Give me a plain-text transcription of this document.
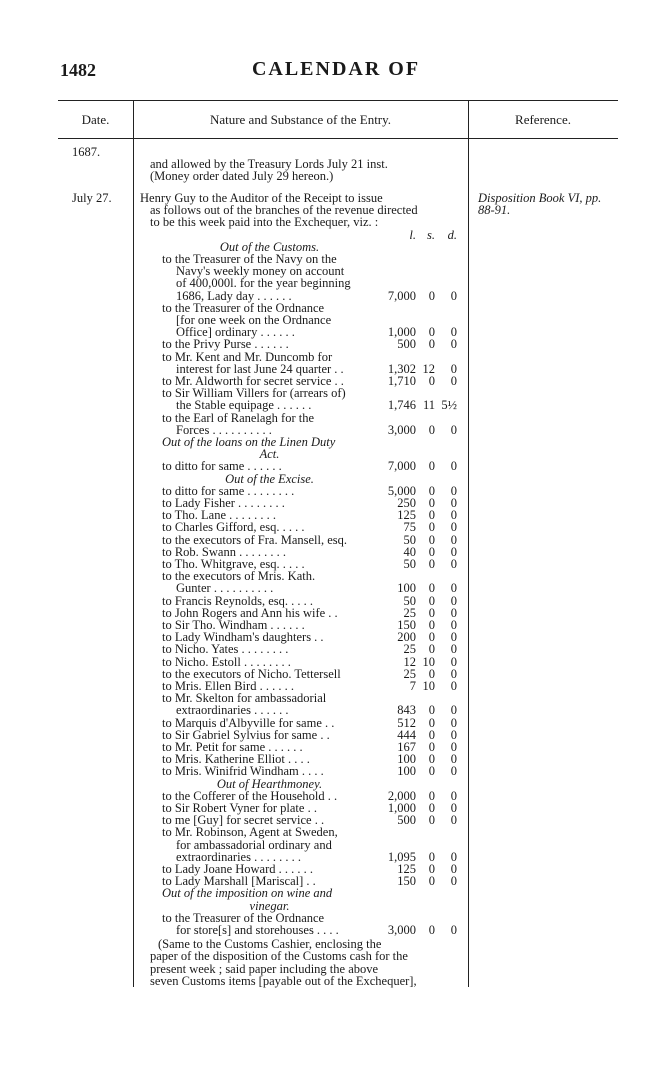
1482	CALENDAR OF
Date.	Nature and Substance of the Entry.	Reference.
1687.
and allowed by the Treasury Lords July 21 inst.
(Money order dated July 29 hereon.)
July 27.	Disposition Book VI, pp.
88-91.
Henry Guy to the Auditor of the Receipt to issue
as follows out of the branches of the revenue directed
to be this week paid into the Exchequer, viz. :
l. s.	d.
Out of the Customs.
to the Treasurer of the Navy on the
Navy's weekly money on account
of 400,000l. for the year beginning
1686, Lady day . . . . . .	7,000	0	0
to the Treasurer of the Ordnance
[for one week on the Ordnance
Office] ordinary . . . . . .	1,000	0	0
to the Privy Purse . . . . . .	500	0	0
to Mr. Kent and Mr. Duncomb for
interest for last June 24 quarter . .	1,302 12	0
to Mr. Aldworth for secret service . .	1,710	0	0
to Sir William Villers for (arrears of)
the Stable equipage . . . . . .	1,746 11 5½
to the Earl of Ranelagh for the
Forces . . . . . . . . . .	3,000	0	0
Out of the loans on the Linen Duty
Act.
to ditto for same . . . . . .	7,000	0	0
Out of the Excise.
to ditto for same . . . . . . . .	5,000	0	0
to Lady Fisher . . . . . . . .	250	0	0
to Tho. Lane . . . . . . . .	125	0	0
to Charles Gifford, esq. . . . .	75	0	0
to the executors of Fra. Mansell, esq.	50	0	0
to Rob. Swann . . . . . . . .	40	0	0
to Tho. Whitgrave, esq. . . . .	50	0	0
to the executors of Mris. Kath.
Gunter . . . . . . . . . .	100	0	0
to Francis Reynolds, esq. . . . .	50	0	0
to John Rogers and Ann his wife . .	25	0	0
to Sir Tho. Windham . . . . . .	150	0	0
to Lady Windham's daughters . .	200	0	0
to Nicho. Yates . . . . . . . .	25	0	0
to Nicho. Estoll . . . . . . . .	12 10	0
to the executors of Nicho. Tettersell	25	0	0
to Mris. Ellen Bird . . . . . .	7 10	0
to Mr. Skelton for ambassadorial
extraordinaries . . . . . .	843	0	0
to Marquis d'Albyville for same . .	512	0	0
to Sir Gabriel Sylvius for same . .	444	0	0
to Mr. Petit for same . . . . . .	167	0	0
to Mris. Katherine Elliot . . . .	100	0	0
to Mris. Winifrid Windham . . . .	100	0	0
Out of Hearthmoney.
to the Cofferer of the Household . .	2,000	0	0
to Sir Robert Vyner for plate . .	1,000	0	0
to me [Guy] for secret service . .	500	0	0
to Mr. Robinson, Agent at Sweden,
for ambassadorial ordinary and
extraordinaries . . . . . . . .	1,095	0	0
to Lady Joane Howard . . . . . .	125	0	0
to Lady Marshall [Mariscal] . .	150	0	0
Out of the imposition on wine and
vinegar.
to the Treasurer of the Ordnance
for store[s] and storehouses . . . .	3,000	0	0
(Same to the Customs Cashier, enclosing the
paper of the disposition of the Customs cash for the
present week ; said paper including the above
seven Customs items [payable out of the Exchequer],
